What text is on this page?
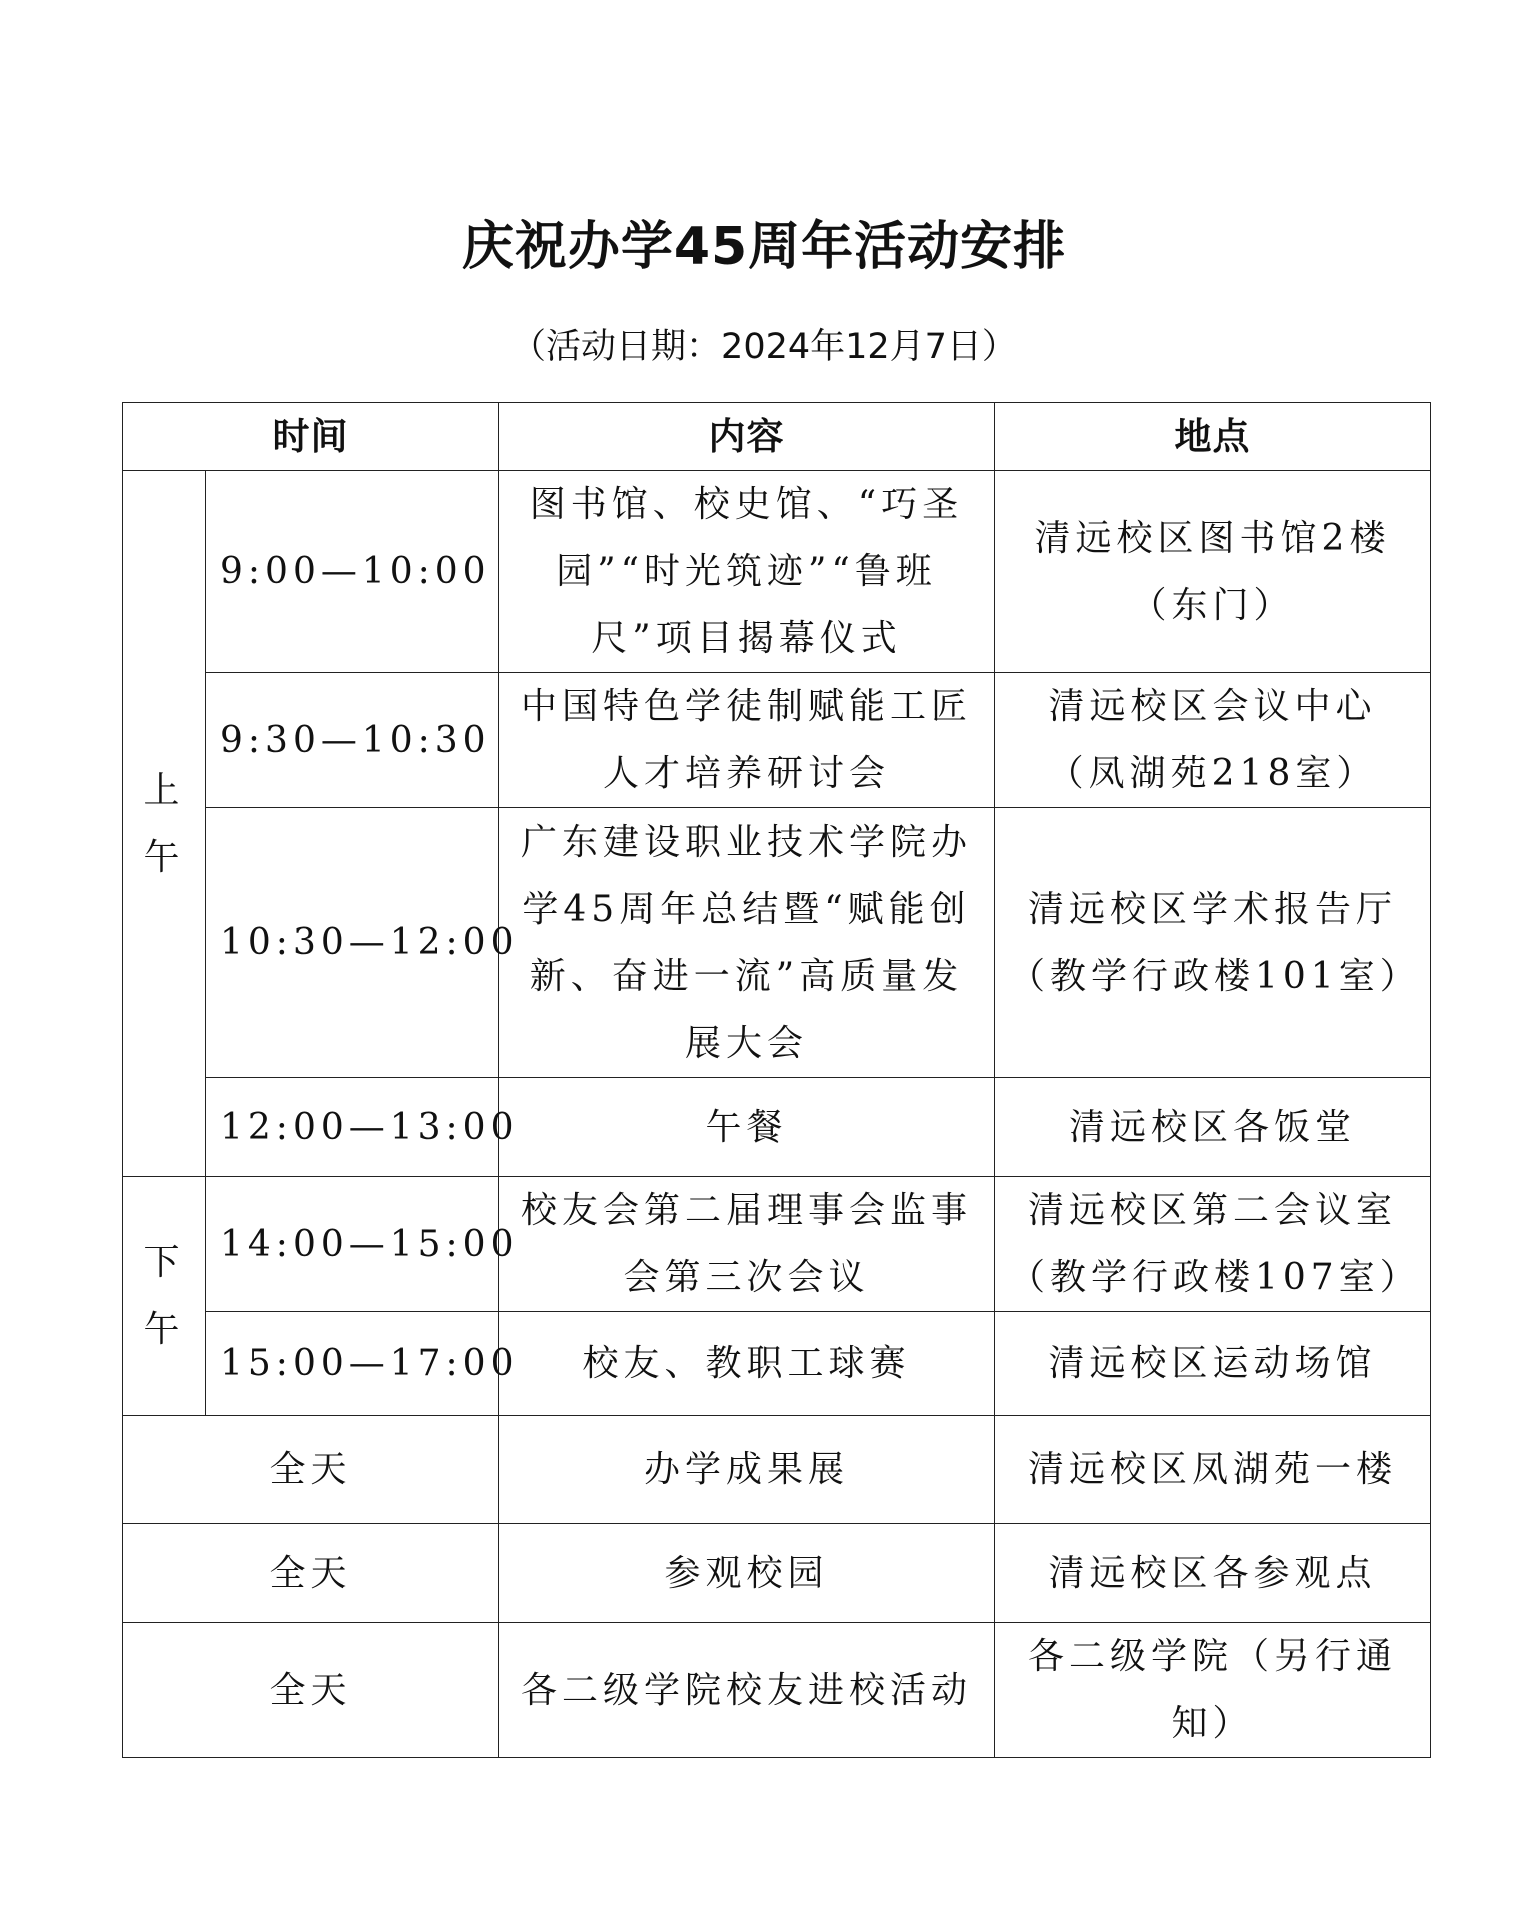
庆祝办学45周年活动安排
（活动日期：2024年12月7日）
时间		内容	地点

上
午	9:00—10:00	图书馆、校史馆、“巧圣园”“时光筑迹”“鲁班尺”项目揭幕仪式	清远校区图书馆2楼（东门）
	9:30—10:30	中国特色学徒制赋能工匠人才培养研讨会	清远校区会议中心（凤湖苑218室）
	10:30—12:00	广东建设职业技术学院办学45周年总结暨“赋能创新、奋进一流”高质量发展大会	清远校区学术报告厅（教学行政楼101室）
	12:00—13:00	午餐	清远校区各饭堂

下
午	14:00—15:00	校友会第二届理事会监事会第三次会议	清远校区第二会议室（教学行政楼107室）
	15:00—17:00	校友、教职工球赛	清远校区运动场馆
全天		办学成果展	清远校区凤湖苑一楼
全天		参观校园	清远校区各参观点
全天		各二级学院校友进校活动	各二级学院（另行通知）
